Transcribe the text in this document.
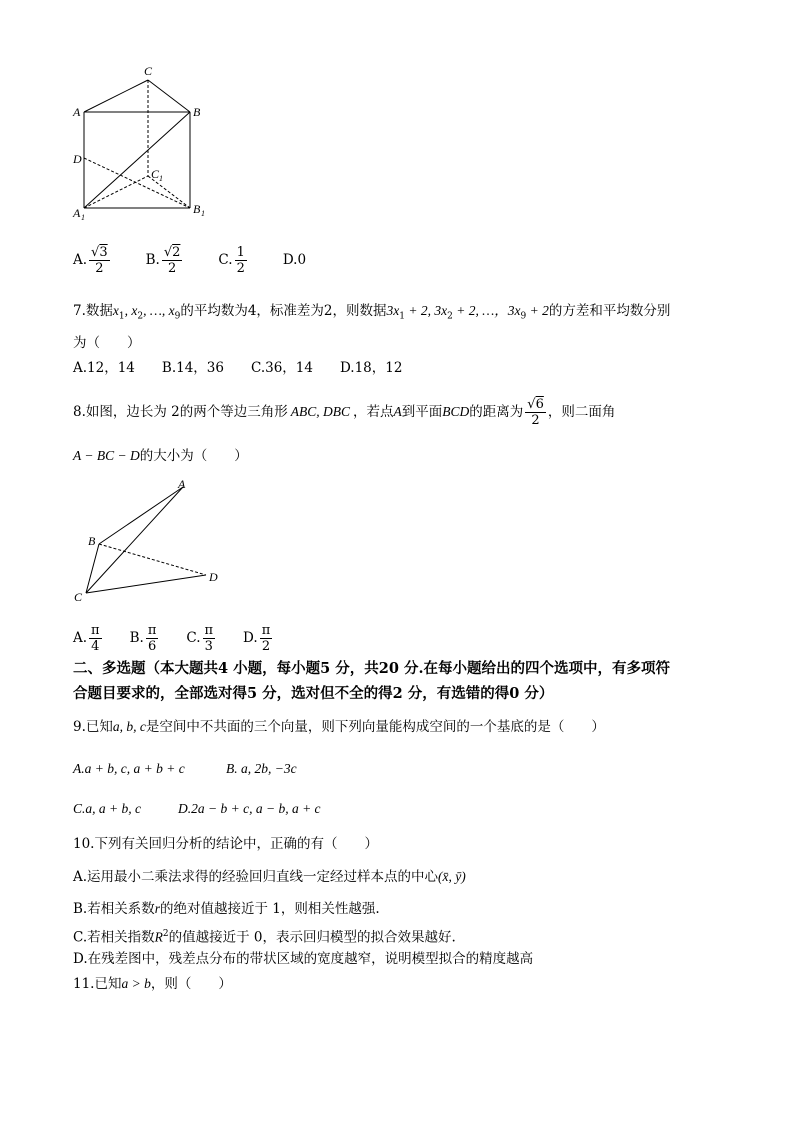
C
A	B
D
C 1
A 1
B 1
A. $\frac{√3}{2}$	B. $\frac{√2}{2}$	C. $\frac{1}{2}$	D.0
7.数据$x_1$, $x_2$, …, $x_9$的平均数为4，标准差为2，则数据$3x_1 + 2$, $3x_2 + 2$, …，$3x_9 + 2$的方差和平均数分别
为（　　）
A.12，14　　B.14，36　　C.36，14　　D.18，12
8.如图，边长为 2的两个等边三角形 ABC, DBC ，若点 A 到平面 BCD 的距离为 $\frac{√6}{2}$ ，则二面角
A − BC − D的大小为（　　）
A
B
C
D
A. $\frac{\pi}{4} B$. $\frac{\pi}{6} C$. $\frac{\pi}{3} D$. $\frac{\pi}{2}$
二、多选题（本大题共4 小题，每小题5 分，共20 分.在每小题给出的四个选项中，有多项符
合题目要求的，全部选对得5 分，选对但不全的得2 分，有选错的得0 分）
9.已知a, b, c是空间中不共面的三个向量，则下列向量能构成空间的一个基底的是（　　）
A.a + b, c, a + b + c	B. a, 2b, −3c
C.a, a + b, c	D.2a − b + c, a − b, a + c
10.下列有关回归分析的结论中，正确的有（　　）
A.运用最小二乘法求得的经验回归直线一定经过样本点的中心(x̄, ȳ)
B.若相关系数r的绝对值越接近于 1，则相关性越强.
C.若相关指数$R^2$的值越接近于 0，表示回归模型的拟合效果越好.
D.在残差图中，残差点分布的带状区域的宽度越窄，说明模型拟合的精度越高
11.已知a > b，则（　　）
